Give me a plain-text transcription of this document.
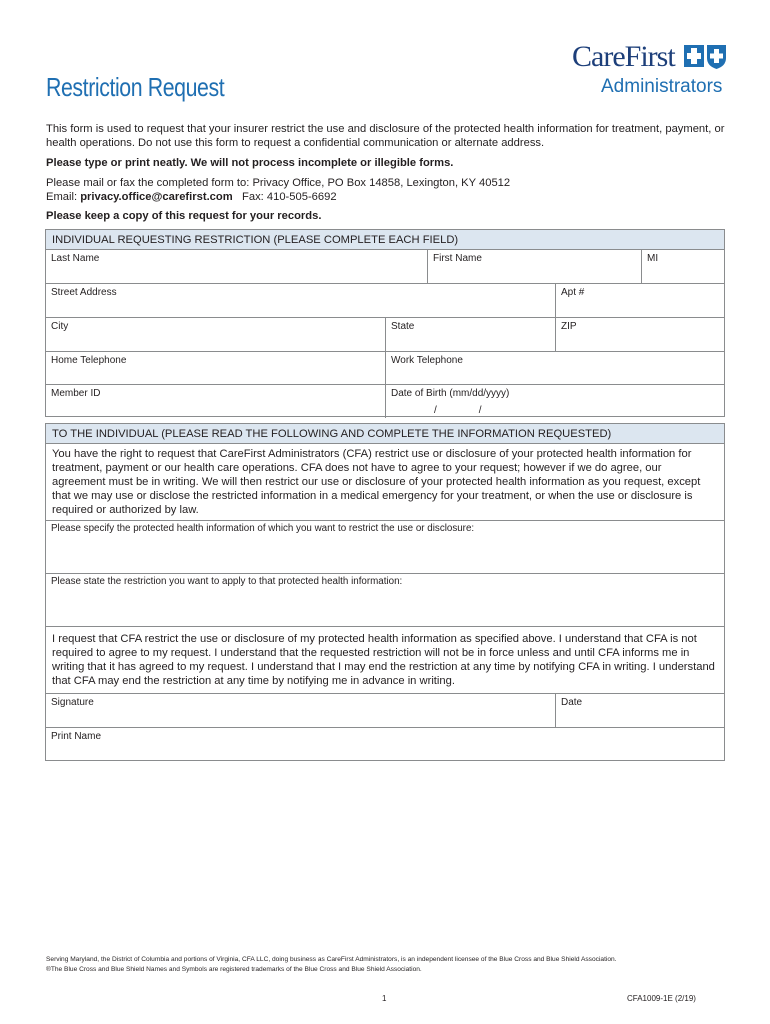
Restriction Request
CareFirst
Administrators
This form is used to request that your insurer restrict the use and disclosure of the protected health information for treatment, payment, or health operations. Do not use this form to request a confidential communication or alternate address.
Please type or print neatly. We will not process incomplete or illegible forms.
Please mail or fax the completed form to: Privacy Office, PO Box 14858, Lexington, KY 40512
Email: privacy.office@carefirst.com Fax: 410-505-6692
Please keep a copy of this request for your records.
INDIVIDUAL REQUESTING RESTRICTION (PLEASE COMPLETE EACH FIELD)
Last Name	First Name	MI
Street Address	Apt #
City	State	ZIP
Home Telephone	Work Telephone
Member ID	Date of Birth (mm/dd/yyyy)
/	/
TO THE INDIVIDUAL (PLEASE READ THE FOLLOWING AND COMPLETE THE INFORMATION REQUESTED)
You have the right to request that CareFirst Administrators (CFA) restrict use or disclosure of your protected health information for treatment, payment or our health care operations. CFA does not have to agree to your request; however if we do agree, our agreement must be in writing. We will then restrict our use or disclosure of your protected health information as you request, except that we may use or disclose the restricted information in a medical emergency for your treatment, or when the use or disclosure is required or authorized by law.
Please specify the protected health information of which you want to restrict the use or disclosure:
Please state the restriction you want to apply to that protected health information:
I request that CFA restrict the use or disclosure of my protected health information as specified above. I understand that CFA is not required to agree to my request. I understand that the requested restriction will not be in force unless and until CFA informs me in writing that it has agreed to my request. I understand that I may end the restriction at any time by notifying CFA in writing. I understand that CFA may end the restriction at any time by notifying me in advance in writing.
Signature	Date
Print Name
Serving Maryland, the District of Columbia and portions of Virginia, CFA LLC, doing business as CareFirst Administrators, is an independent licensee of the Blue Cross and Blue Shield Association. ®The Blue Cross and Blue Shield Names and Symbols are registered trademarks of the Blue Cross and Blue Shield Association.
1	CFA1009-1E (2/19)
